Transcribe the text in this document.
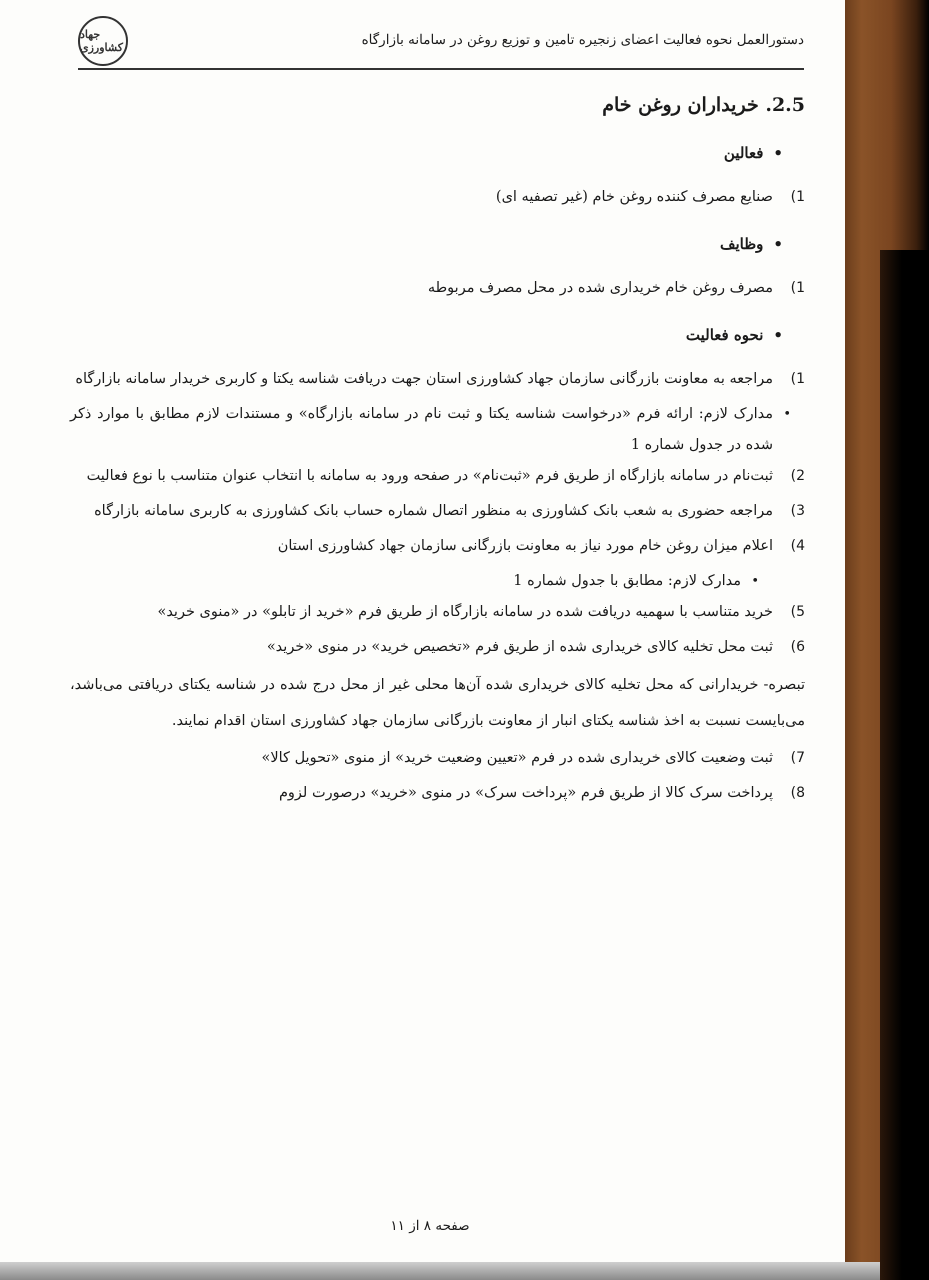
جهاد کشاورزی	دستورالعمل نحوه فعالیت اعضای زنجیره تامین و توزیع روغن در سامانه بازارگاه
2.5. خریداران روغن خام
• فعالین
1)
صنایع مصرف کننده روغن خام (غیر تصفیه ای)
• وظایف
1)
مصرف روغن خام خریداری شده در محل مصرف مربوطه
• نحوه فعالیت
1)
مراجعه به معاونت بازرگانی سازمان جهاد کشاورزی استان جهت دریافت شناسه یکتا و کاربری خریدار سامانه بازارگاه
• مدارک لازم: ارائه فرم «درخواست شناسه یکتا و ثبت نام در سامانه بازارگاه» و مستندات لازم مطابق با موارد ذکر شده در جدول شماره 1
2)
ثبت‌نام در سامانه بازارگاه از طریق فرم «ثبت‌نام» در صفحه ورود به سامانه با انتخاب عنوان متناسب با نوع فعالیت
3)
مراجعه حضوری به شعب بانک کشاورزی به منظور اتصال شماره حساب بانک کشاورزی به کاربری سامانه بازارگاه
4)
اعلام میزان روغن خام مورد نیاز به معاونت بازرگانی سازمان جهاد کشاورزی استان
• مدارک لازم: مطابق با جدول شماره 1
5)
خرید متناسب با سهمیه دریافت شده در سامانه بازارگاه از طریق فرم «خرید از تابلو» در «منوی خرید»
6)
ثبت محل تخلیه کالای خریداری شده از طریق فرم «تخصیص خرید» در منوی «خرید»
تبصره- خریدارانی که محل تخلیه کالای خریداری شده آن‌ها محلی غیر از محل درج شده در شناسه یکتای دریافتی می‌باشد، می‌بایست نسبت به اخذ شناسه یکتای انبار از معاونت بازرگانی سازمان جهاد کشاورزی استان اقدام نمایند.
7)
ثبت وضعیت کالای خریداری شده در فرم «تعیین وضعیت خرید» از منوی «تحویل کالا»
8)
پرداخت سرک کالا از طریق فرم «پرداخت سرک» در منوی «خرید» درصورت لزوم
صفحه ۸ از ۱۱
